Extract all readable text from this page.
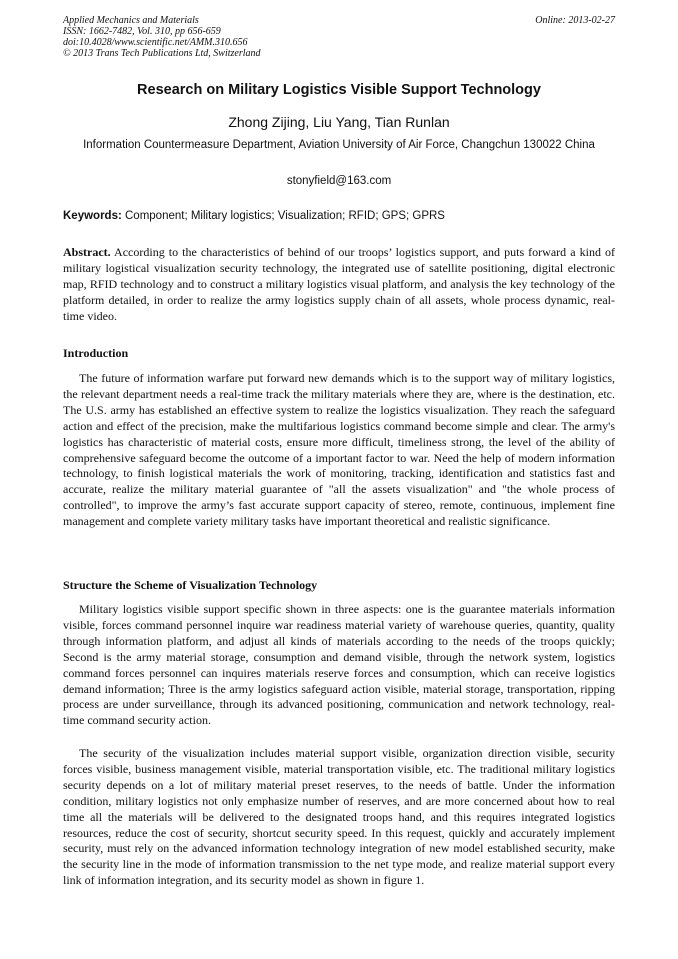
Applied Mechanics and Materials
ISSN: 1662-7482, Vol. 310, pp 656-659
doi:10.4028/www.scientific.net/AMM.310.656
© 2013 Trans Tech Publications Ltd, Switzerland
Online: 2013-02-27
Research on Military Logistics Visible Support Technology
Zhong Zijing, Liu Yang, Tian Runlan
Information Countermeasure Department, Aviation University of Air Force, Changchun 130022 China
stonyfield@163.com
Keywords: Component; Military logistics; Visualization; RFID; GPS; GPRS

Abstract. According to the characteristics of behind of our troops’ logistics support, and puts forward a kind of military logistical visualization security technology, the integrated use of satellite positioning, digital electronic map, RFID technology and to construct a military logistics visual platform, and analysis the key technology of the platform detailed, in order to realize the army logistics supply chain of all assets, whole process dynamic, real-time video.

Introduction

The future of information warfare put forward new demands which is to the support way of military logistics, the relevant department needs a real-time track the military materials where they are, where is the destination, etc. The U.S. army has established an effective system to realize the logistics visualization. They reach the safeguard action and effect of the precision, make the multifarious logistics command become simple and clear. The army's logistics has characteristic of material costs, ensure more difficult, timeliness strong, the level of the ability of comprehensive safeguard become the outcome of a important factor to war. Need the help of modern information technology, to finish logistical materials the work of monitoring, tracking, identification and statistics fast and accurate, realize the military material guarantee of "all the assets visualization" and "the whole process of controlled", to improve the army’s fast accurate support capacity of stereo, remote, continuous, implement fine management and complete variety military tasks have important theoretical and realistic significance.

Structure the Scheme of Visualization Technology

Military logistics visible support specific shown in three aspects: one is the guarantee materials information visible, forces command personnel inquire war readiness material variety of warehouse queries, quantity, quality through information platform, and adjust all kinds of materials according to the needs of the troops quickly; Second is the army material storage, consumption and demand visible, through the network system, logistics command forces personnel can inquires materials reserve forces and consumption, which can receive logistics demand information; Three is the army logistics safeguard action visible, material storage, transportation, ripping process are under surveillance, through its advanced positioning, communication and network technology, real-time command security action.

The security of the visualization includes material support visible, organization direction visible, security forces visible, business management visible, material transportation visible, etc. The traditional military logistics security depends on a lot of military material preset reserves, to the needs of battle. Under the information condition, military logistics not only emphasize number of reserves, and are more concerned about how to real time all the materials will be delivered to the designated troops hand, and this requires integrated logistics resources, reduce the cost of security, shortcut security speed. In this request, quickly and accurately implement security, must rely on the advanced information technology integration of new model established security, make the security line in the mode of information transmission to the net type mode, and realize material support every link of information integration, and its security model as shown in figure 1.
